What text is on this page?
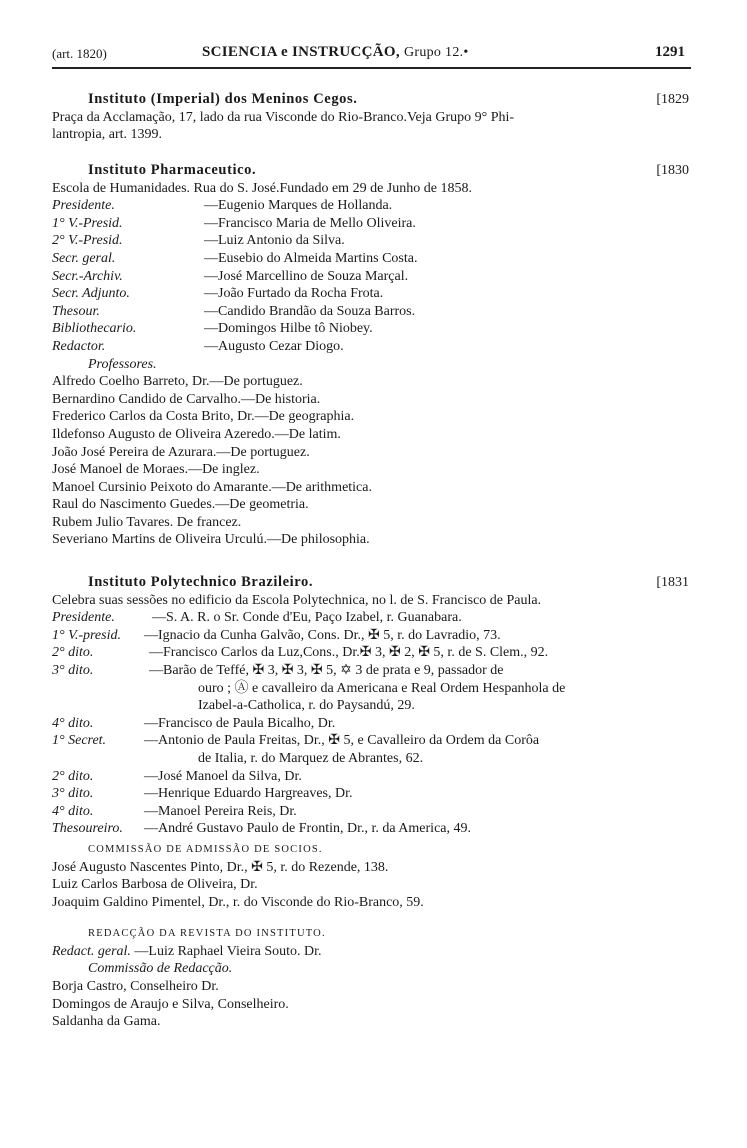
(art. 1820)	SCIENCIA e INSTRUCÇÃO, Grupo 12.•	1291
Instituto (Imperial) dos Meninos Cegos.	[1829
Praça da Acclamação, 17, lado da rua Visconde do Rio-Branco.Veja Grupo 9° Phi-
lantropia, art. 1399.
Instituto Pharmaceutico.	[1830
Escola de Humanidades. Rua do S. José.Fundado em 29 de Junho de 1858.
Presidente.	—Eugenio Marques de Hollanda.
1° V.-Presid.	—Francisco Maria de Mello Oliveira.
2° V.-Presid.	—Luiz Antonio da Silva.
Secr. geral.	—Eusebio do Almeida Martins Costa.
Secr.-Archiv.	—José Marcellino de Souza Marçal.
Secr. Adjunto.	—João Furtado da Rocha Frota.
Thesour.	—Candido Brandão da Souza Barros.
Bibliothecario.	—Domingos Hilbe tô Niobey.
Redactor.	—Augusto Cezar Diogo.
Professores.
Alfredo Coelho Barreto, Dr.—De portuguez.
Bernardino Candido de Carvalho.—De historia.
Frederico Carlos da Costa Brito, Dr.—De geographia.
Ildefonso Augusto de Oliveira Azeredo.—De latim.
João José Pereira de Azurara.—De portuguez.
José Manoel de Moraes.—De inglez.
Manoel Cursinio Peixoto do Amarante.—De arithmetica.
Raul do Nascimento Guedes.—De geometria.
Rubem Julio Tavares. De francez.
Severiano Martins de Oliveira Urculú.—De philosophia.
Instituto Polytechnico Brazileiro.	[1831
Celebra suas sessões no edificio da Escola Polytechnica, no l. de S. Francisco de Paula.
Presidente.	—S. A. R. o Sr. Conde d'Eu, Paço Izabel, r. Guanabara.
1° V.-presid. —Ignacio da Cunha Galvão, Cons. Dr., ✠ 5, r. do Lavradio, 73.
2° dito.	—Francisco Carlos da Luz,Cons., Dr.✠ 3, ✠ 2, ✠ 5, r. de S. Clem., 92.
3° dito.	—Barão de Teffé, ✠ 3, ✠ 3, ✠ 5, ✡ 3 de prata e 9, passador de
ouro ; Ⓐ e cavalleiro da Americana e Real Ordem Hespanhola de
Izabel-a-Catholica, r. do Paysandú, 29.
4° dito.	—Francisco de Paula Bicalho, Dr.
1° Secret.	—Antonio de Paula Freitas, Dr., ✠ 5, e Cavalleiro da Ordem da Corôa
de Italia, r. do Marquez de Abrantes, 62.
2° dito.	—José Manoel da Silva, Dr.
3° dito.	—Henrique Eduardo Hargreaves, Dr.
4° dito.	—Manoel Pereira Reis, Dr.
Thesoureiro. —André Gustavo Paulo de Frontin, Dr., r. da America, 49.
COMMISSÃO DE ADMISSÃO DE SOCIOS.
José Augusto Nascentes Pinto, Dr., ✠ 5, r. do Rezende, 138.
Luiz Carlos Barbosa de Oliveira, Dr.
Joaquim Galdino Pimentel, Dr., r. do Visconde do Rio-Branco, 59.
REDACÇÃO DA REVISTA DO INSTITUTO.
Redact. geral. —Luiz Raphael Vieira Souto. Dr.
Commissão de Redacção.
Borja Castro, Conselheiro Dr.
Domingos de Araujo e Silva, Conselheiro.
Saldanha da Gama.
